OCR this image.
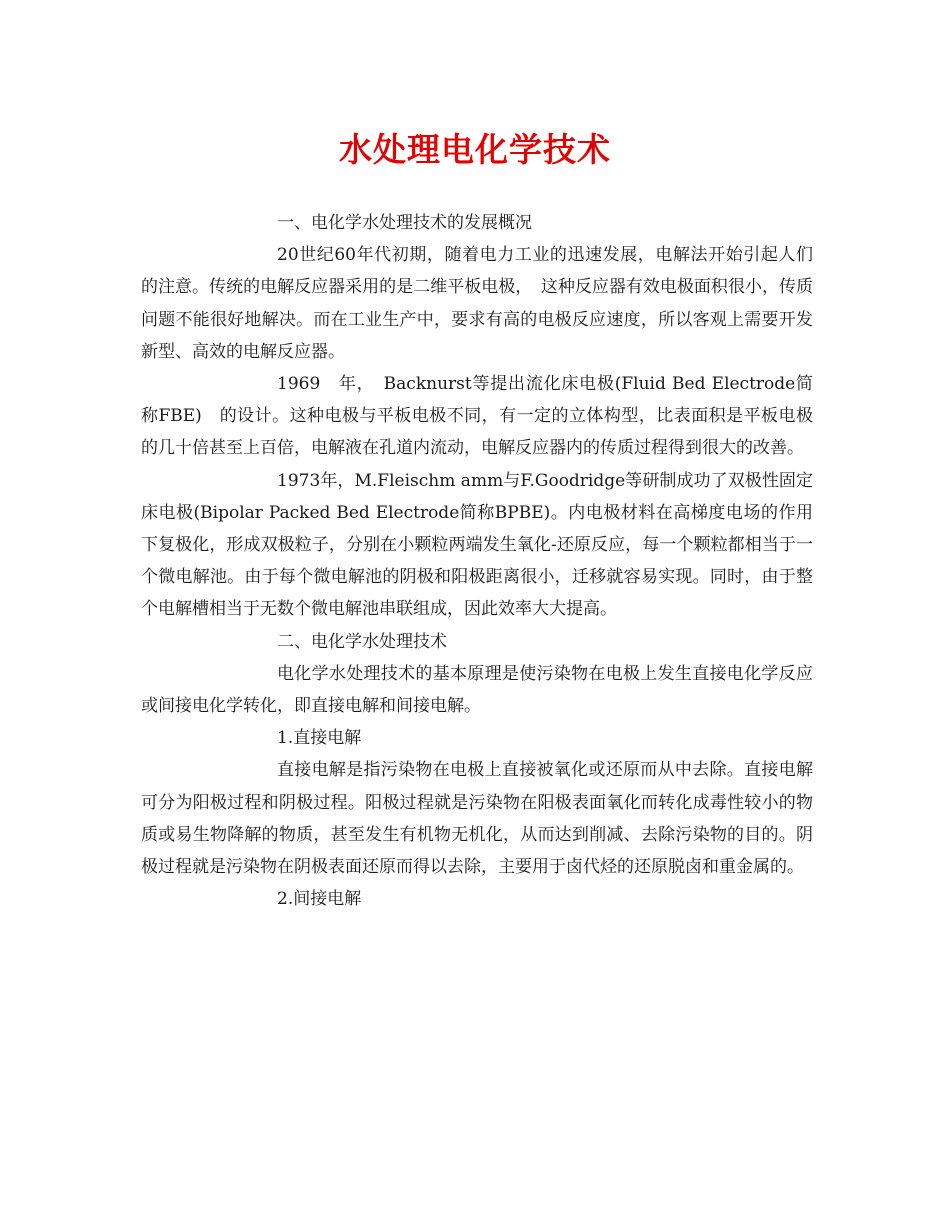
水处理电化学技术

一、电化学水处理技术的发展概况

20世纪60年代初期，随着电力工业的迅速发展，电解法开始引起人们的注意。传统的电解反应器采用的是二维平板电极，　这种反应器有效电极面积很小，传质问题不能很好地解决。而在工业生产中，要求有高的电极反应速度，所以客观上需要开发新型、高效的电解反应器。

1969　年，　Backnurst等提出流化床电极(Fluid Bed Electrode简称FBE)　的设计。这种电极与平板电极不同，有一定的立体构型，比表面积是平板电极的几十倍甚至上百倍，电解液在孔道内流动，电解反应器内的传质过程得到很大的改善。

1973年，M.Fleischm amm与F.Goodridge等研制成功了双极性固定床电极(Bipolar Packed Bed Electrode简称BPBE)。内电极材料在高梯度电场的作用下复极化，形成双极粒子，分别在小颗粒两端发生氧化-还原反应，每一个颗粒都相当于一个微电解池。由于每个微电解池的阴极和阳极距离很小，迁移就容易实现。同时，由于整个电解槽相当于无数个微电解池串联组成，因此效率大大提高。

二、电化学水处理技术

电化学水处理技术的基本原理是使污染物在电极上发生直接电化学反应或间接电化学转化，即直接电解和间接电解。

1.直接电解

直接电解是指污染物在电极上直接被氧化或还原而从中去除。直接电解可分为阳极过程和阴极过程。阳极过程就是污染物在阳极表面氧化而转化成毒性较小的物质或易生物降解的物质，甚至发生有机物无机化，从而达到削减、去除污染物的目的。阴极过程就是污染物在阴极表面还原而得以去除，主要用于卤代烃的还原脱卤和重金属的。

2.间接电解
